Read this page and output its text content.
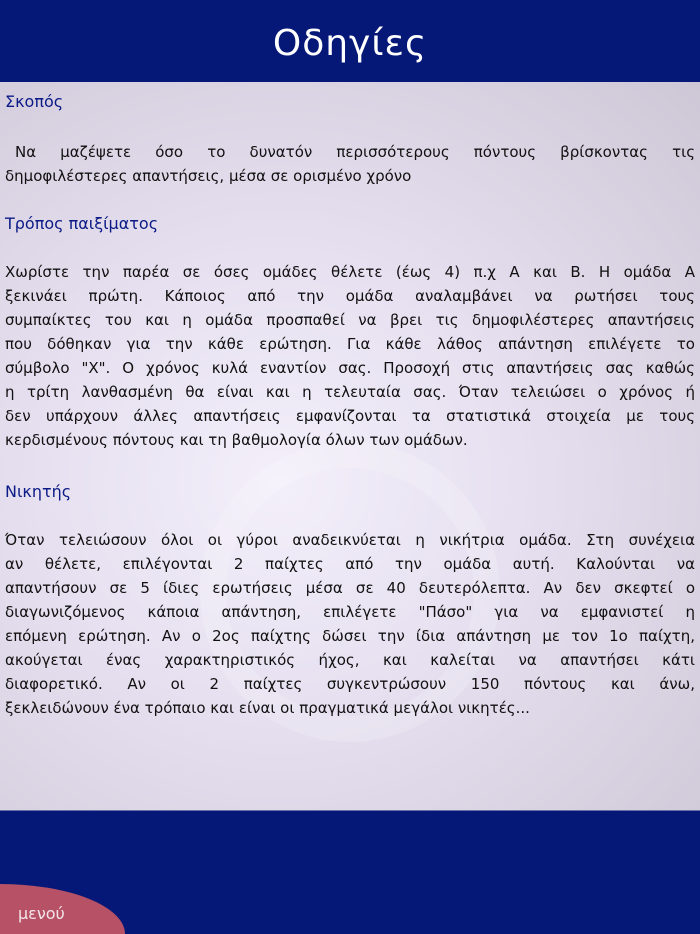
Οδηγίες
Σκοπός
Να μαζέψετε όσο το δυνατόν περισσότερους πόντους βρίσκοντας τις
δημοφιλέστερες απαντήσεις, μέσα σε ορισμένο χρόνο
Τρόπος παιξίματος
Χωρίστε την παρέα σε όσες ομάδες θέλετε (έως 4) π.χ Α και Β. Η ομάδα Α
ξεκινάει πρώτη. Κάποιος από την ομάδα αναλαμβάνει να ρωτήσει τους
συμπαίκτες του και η ομάδα προσπαθεί να βρει τις δημοφιλέστερες απαντήσεις
που δόθηκαν για την κάθε ερώτηση. Για κάθε λάθος απάντηση επιλέγετε το
σύμβολο "Χ". Ο χρόνος κυλά εναντίον σας. Προσοχή στις απαντήσεις σας καθώς
η τρίτη λανθασμένη θα είναι και η τελευταία σας. Όταν τελειώσει ο χρόνος ή
δεν υπάρχουν άλλες απαντήσεις εμφανίζονται τα στατιστικά στοιχεία με τους
κερδισμένους πόντους και τη βαθμολογία όλων των ομάδων.
Νικητής
Όταν τελειώσουν όλοι οι γύροι αναδεικνύεται η νικήτρια ομάδα. Στη συνέχεια
αν θέλετε, επιλέγονται 2 παίχτες από την ομάδα αυτή. Καλούνται να
απαντήσουν σε 5 ίδιες ερωτήσεις μέσα σε 40 δευτερόλεπτα. Αν δεν σκεφτεί ο
διαγωνιζόμενος κάποια απάντηση, επιλέγετε "Πάσο" για να εμφανιστεί η
επόμενη ερώτηση. Αν ο 2ος παίχτης δώσει την ίδια απάντηση με τον 1ο παίχτη,
ακούγεται ένας χαρακτηριστικός ήχος, και καλείται να απαντήσει κάτι
διαφορετικό. Αν οι 2 παίχτες συγκεντρώσουν 150 πόντους και άνω,
ξεκλειδώνουν ένα τρόπαιο και είναι οι πραγματικά μεγάλοι νικητές...
μενού
